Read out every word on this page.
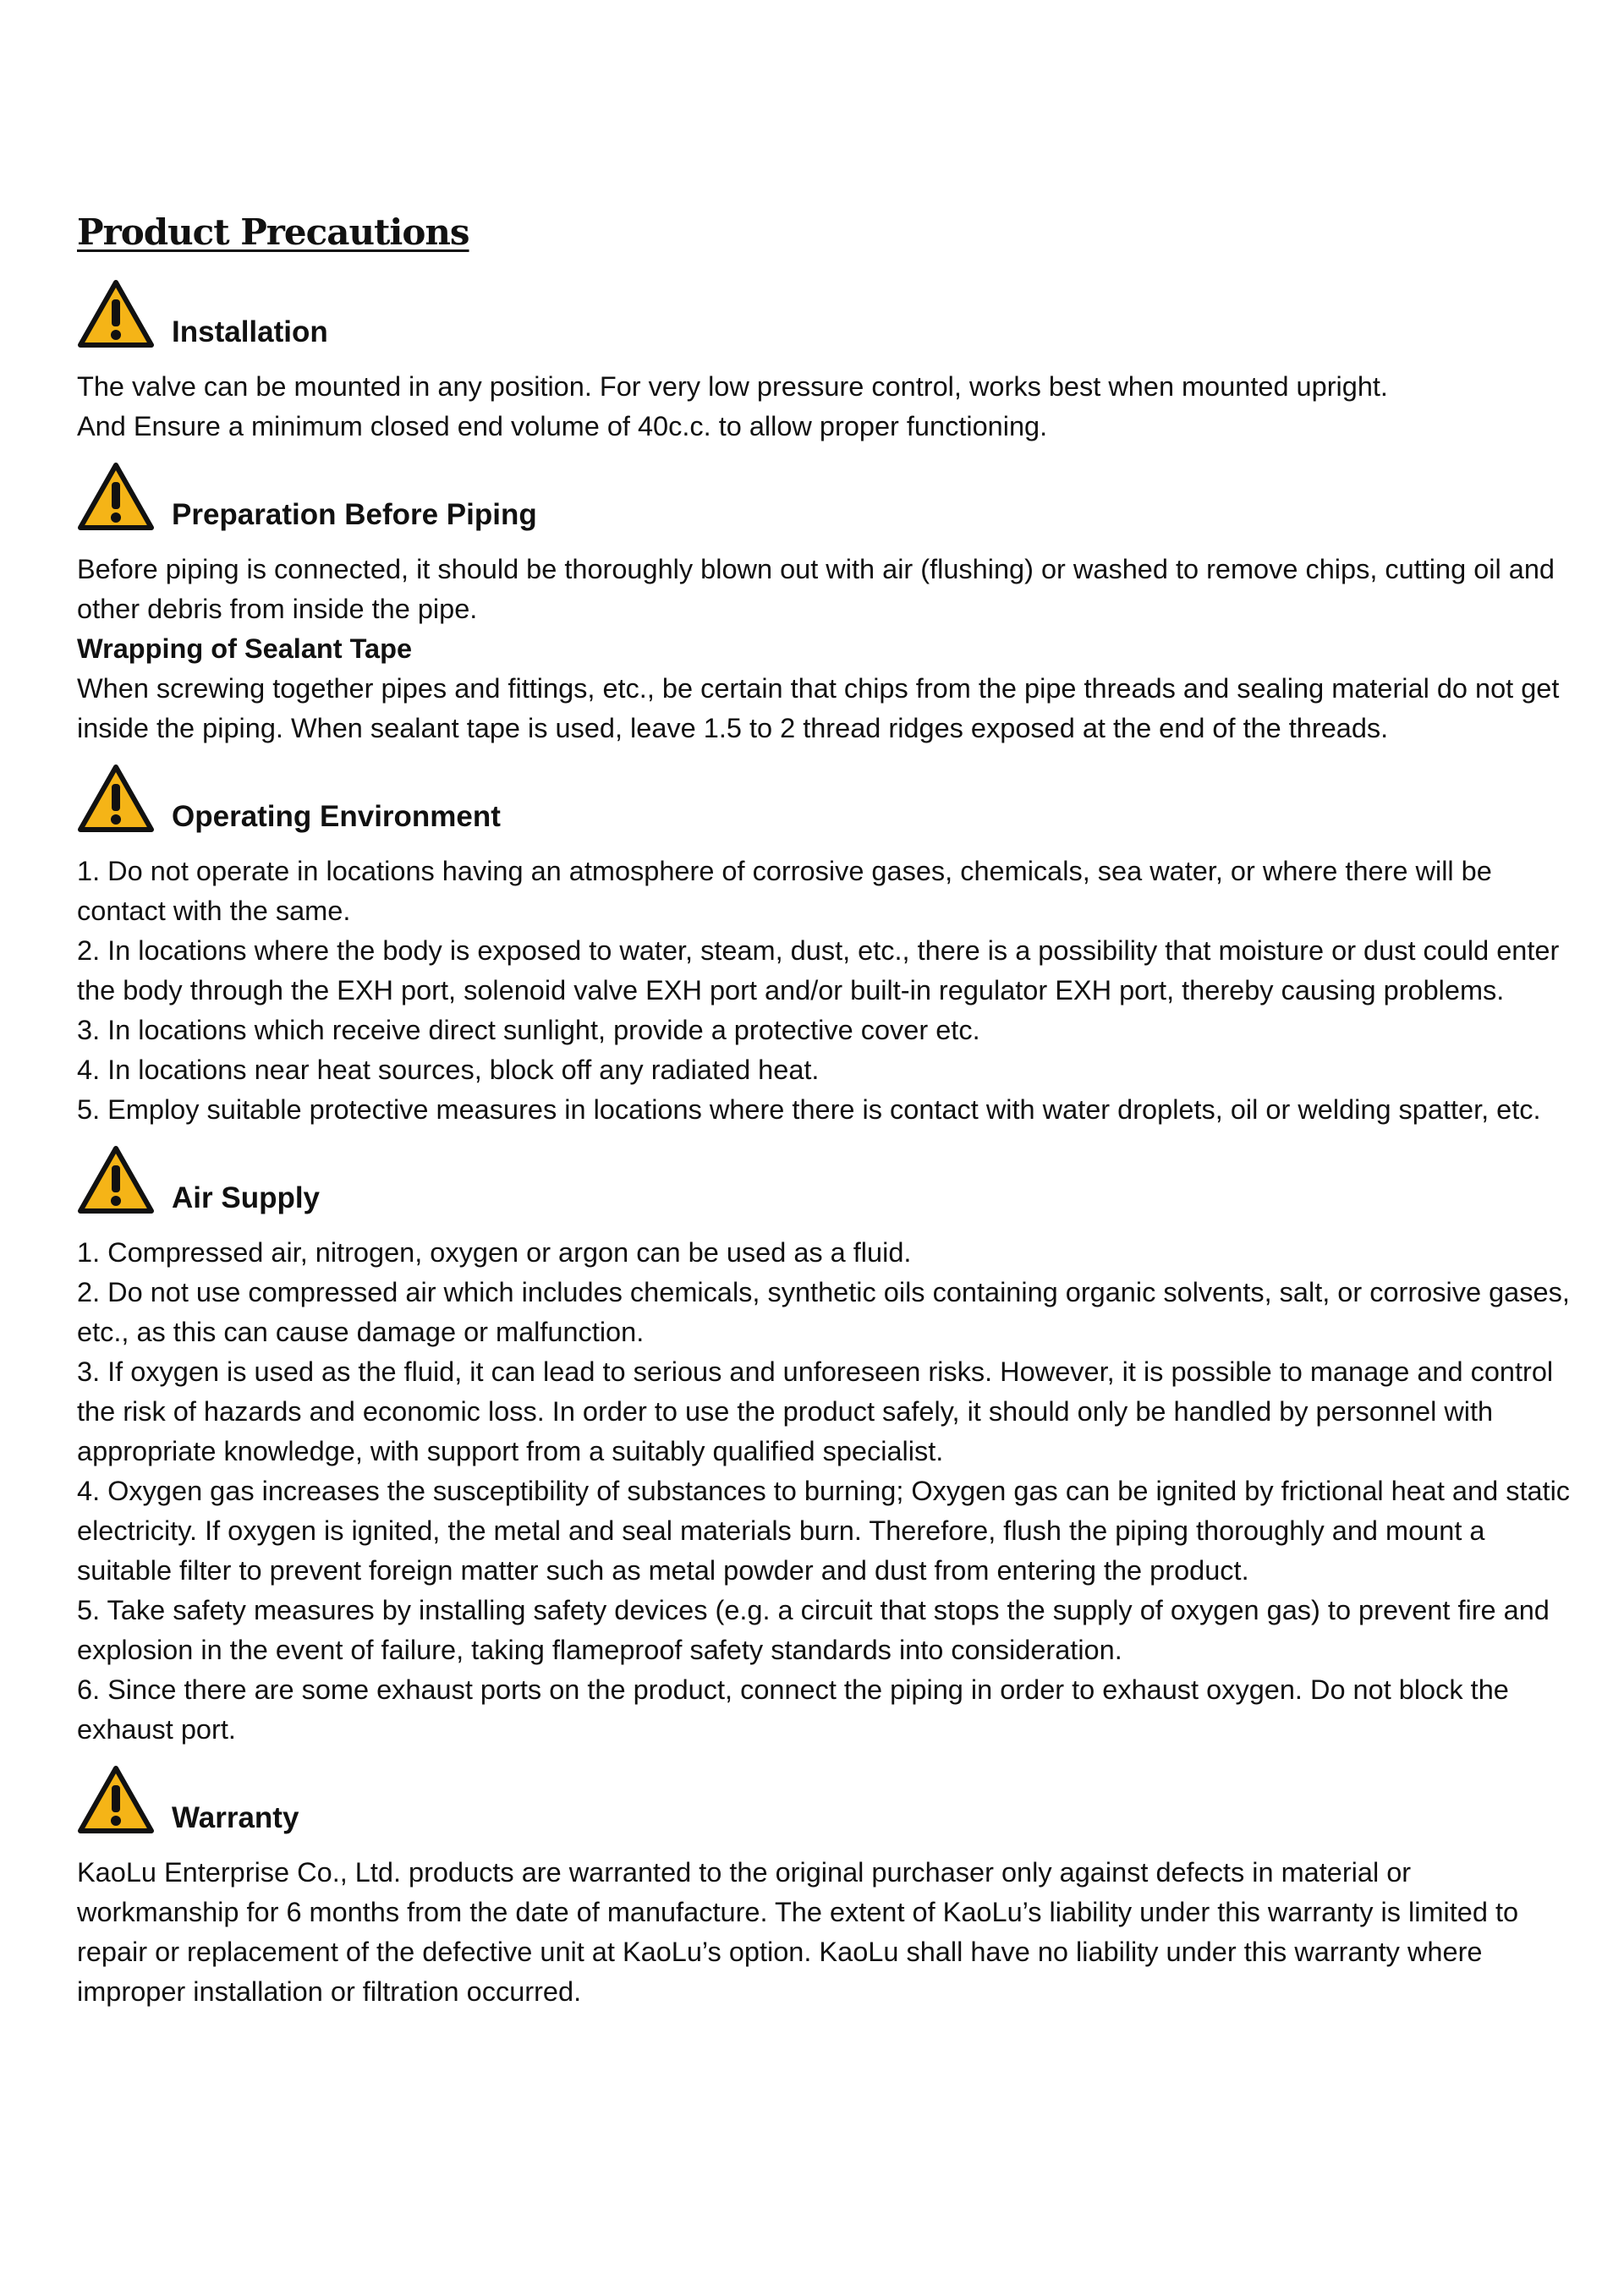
Product Precautions
Installation

The valve can be mounted in any position. For very low pressure control, works best when mounted upright.

And Ensure a minimum closed end volume of 40c.c. to allow proper functioning.

Preparation Before Piping

Before piping is connected, it should be thoroughly blown out with air (flushing) or washed to remove chips, cutting oil and other debris from inside the pipe.

Wrapping of Sealant Tape

When screwing together pipes and fittings, etc., be certain that chips from the pipe threads and sealing material do not get inside the piping. When sealant tape is used, leave 1.5 to 2 thread ridges exposed at the end of the threads.

Operating Environment

1. Do not operate in locations having an atmosphere of corrosive gases, chemicals, sea water, or where there will be contact with the same.

2. In locations where the body is exposed to water, steam, dust, etc., there is a possibility that moisture or dust could enter the body through the EXH port, solenoid valve EXH port and/or built-in regulator EXH port, thereby causing problems.

3. In locations which receive direct sunlight, provide a protective cover etc.

4. In locations near heat sources, block off any radiated heat.

5. Employ suitable protective measures in locations where there is contact with water droplets, oil or welding spatter, etc.

Air Supply

1. Compressed air, nitrogen, oxygen or argon can be used as a fluid.

2. Do not use compressed air which includes chemicals, synthetic oils containing organic solvents, salt, or corrosive gases, etc., as this can cause damage or malfunction.

3. If oxygen is used as the fluid, it can lead to serious and unforeseen risks. However, it is possible to manage and control the risk of hazards and economic loss. In order to use the product safely, it should only be handled by personnel with appropriate knowledge, with support from a suitably qualified specialist.

4. Oxygen gas increases the susceptibility of substances to burning; Oxygen gas can be ignited by frictional heat and static electricity. If oxygen is ignited, the metal and seal materials burn. Therefore, flush the piping thoroughly and mount a suitable filter to prevent foreign matter such as metal powder and dust from entering the product.

5. Take safety measures by installing safety devices (e.g. a circuit that stops the supply of oxygen gas) to prevent fire and explosion in the event of failure, taking flameproof safety standards into consideration.

6. Since there are some exhaust ports on the product, connect the piping in order to exhaust oxygen. Do not block the exhaust port.

Warranty

KaoLu Enterprise Co., Ltd. products are warranted to the original purchaser only against defects in material or workmanship for 6 months from the date of manufacture. The extent of KaoLu’s liability under this warranty is limited to repair or replacement of the defective unit at KaoLu’s option. KaoLu shall have no liability under this warranty where improper installation or filtration occurred.
